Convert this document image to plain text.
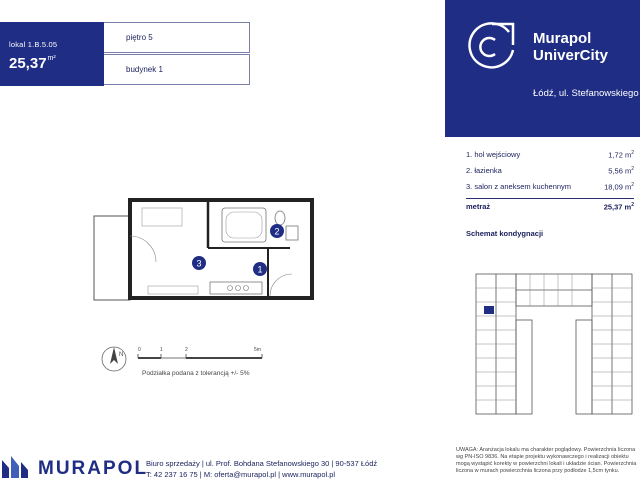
lokal 1.B.5.05
$25,37^{m^2}$
piętro 5
budynek 1
Murapol
UniverCity
Łódź, ul. Stefanowskiego
1. hol wejściowy	1,72 $m^2$
2. łazienka	5,56 $m^2$
3. salon z aneksem kuchennym	18,09 $m^2$
metraż	25,37 $m^2$
Schemat kondygnacji
1
2
3
N
0	1	2	5m
Podziałka podana z tolerancją +/- 5%
MURAPOL
Biuro sprzedaży | ul. Prof. Bohdana Stefanowskiego 30 | 90-537 Łódź
T: 42 237 16 75 | M: oferta@murapol.pl | www.murapol.pl
UWAGA: Aranżacja lokalu ma charakter poglądowy. Powierzchnia liczona wg PN-ISO 9836. Na etapie projektu wykonawczego i realizacji obiektu mogą wystąpić korekty w powierzchni lokali i układzie ścian. Powierzchnia liczona w murach powierzchnia liczona przy podłodze 1,5cm tynku.
